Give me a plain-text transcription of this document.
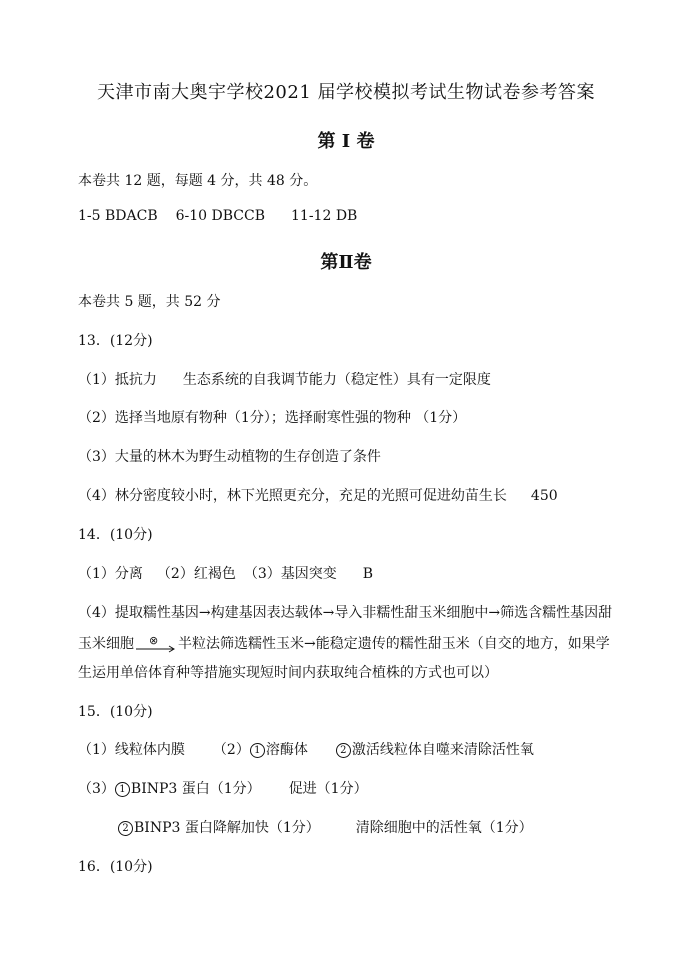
天津市南大奥宇学校2021 届学校模拟考试生物试卷参考答案
第 I 卷
本卷共 12 题，每题 4 分，共 48 分。
1-5 BDACB 6-10 DBCCB 11-12 DB
第Ⅱ卷
本卷共 5 题，共 52 分
13．(12分)
（1）抵抗力 生态系统的自我调节能力（稳定性）具有一定限度
（2）选择当地原有物种（1分）；选择耐寒性强的物种 （1分）
（3）大量的林木为野生动植物的生存创造了条件
（4）林分密度较小时，林下光照更充分，充足的光照可促进幼苗生长 450
14．(10分)
（1）分离 （2）红褐色 （3）基因突变 B
（4）提取糯性基因→构建基因表达载体→导入非糯性甜玉米细胞中→筛选含糯性基因甜
玉米细胞 ⊗ 半粒法筛选糯性玉米→能稳定遗传的糯性甜玉米（自交的地方，如果学
生运用单倍体育种等措施实现短时间内获取纯合植株的方式也可以）
15．(10分)
（1）线粒体内膜 （2） 1 溶酶体	2 激活线粒体自噬来清除活性氧
（3） 1 BINP3 蛋白（1分） 促进（1分）
2 BINP3 蛋白降解加快（1分）	清除细胞中的活性氧（1分）
16．(10分)
